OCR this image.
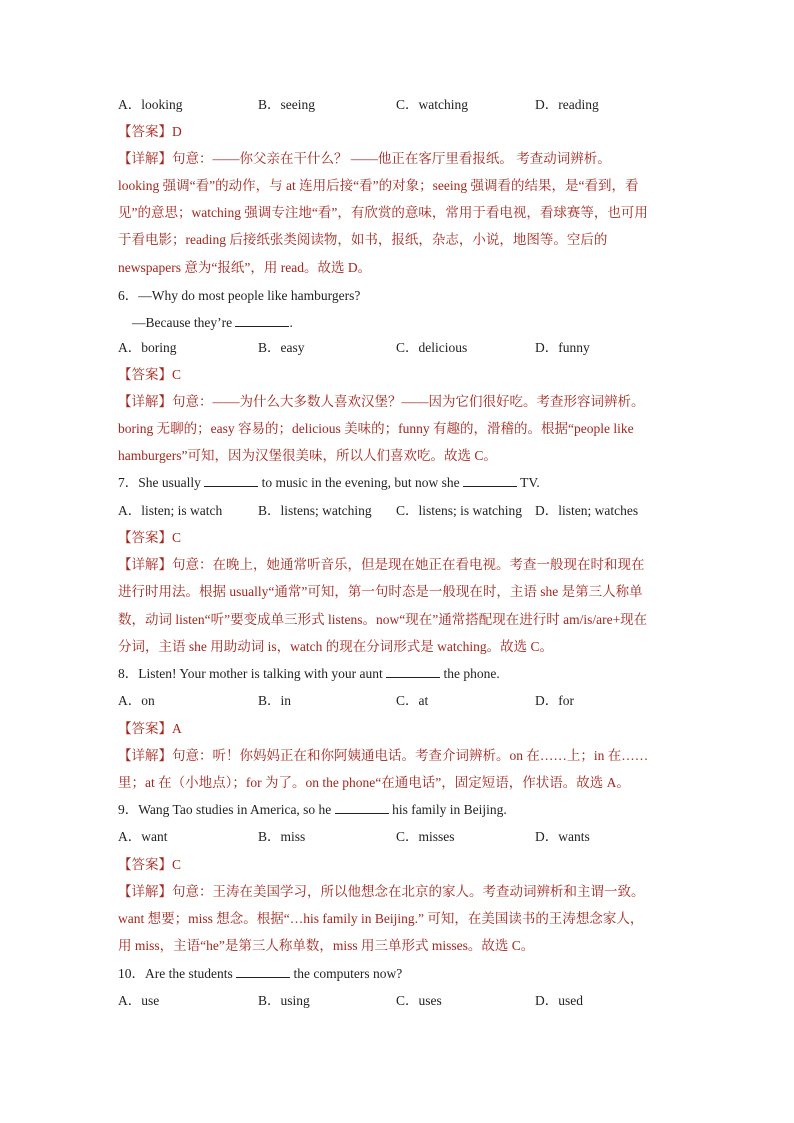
A．looking	B．seeing	C．watching	D．reading
【答案】D
【详解】句意：——你父亲在干什么？ ——他正在客厅里看报纸。 考查动词辨析。
looking 强调“看”的动作，与 at 连用后接“看”的对象；seeing 强调看的结果，是“看到，看
见”的意思；watching 强调专注地“看”，有欣赏的意味，常用于看电视，看球赛等，也可用
于看电影；reading 后接纸张类阅读物，如书，报纸，杂志，小说，地图等。空后的
newspapers 意为“报纸”，用 read。故选 D。
6．—Why do most people like hamburgers?
—Because they’re	.
A．boring	B．easy	C．delicious	D．funny
【答案】C
【详解】句意：——为什么大多数人喜欢汉堡？——因为它们很好吃。考查形容词辨析。
boring 无聊的；easy 容易的；delicious 美味的；funny 有趣的，滑稽的。根据“people like
hamburgers”可知，因为汉堡很美味，所以人们喜欢吃。故选 C。
7．She usually	to music in the evening, but now she	TV.
A．listen; is watch	B．listens; watching C．listens; is watching D．listen; watches
【答案】C
【详解】句意：在晚上，她通常听音乐，但是现在她正在看电视。考查一般现在时和现在
进行时用法。根据 usually“通常”可知，第一句时态是一般现在时，主语 she 是第三人称单
数，动词 listen“听”要变成单三形式 listens。now“现在”通常搭配现在进行时 am/is/are+现在
分词，主语 she 用助动词 is，watch 的现在分词形式是 watching。故选 C。
8．Listen! Your mother is talking with your aunt	the phone.
A．on	B．in	C．at	D．for
【答案】A
【详解】句意：听！你妈妈正在和你阿姨通电话。考查介词辨析。on 在……上；in 在……
里；at 在（小地点）；for 为了。on the phone“在通电话”，固定短语，作状语。故选 A。
9．Wang Tao studies in America, so he	his family in Beijing.
A．want	B．miss	C．misses	D．wants
【答案】C
【详解】句意：王涛在美国学习，所以他想念在北京的家人。考查动词辨析和主谓一致。
want 想要；miss 想念。根据“…his family in Beijing.” 可知，在美国读书的王涛想念家人，
用 miss，主语“he”是第三人称单数，miss 用三单形式 misses。故选 C。
10．Are the students	the computers now?
A．use	B．using	C．uses	D．used
